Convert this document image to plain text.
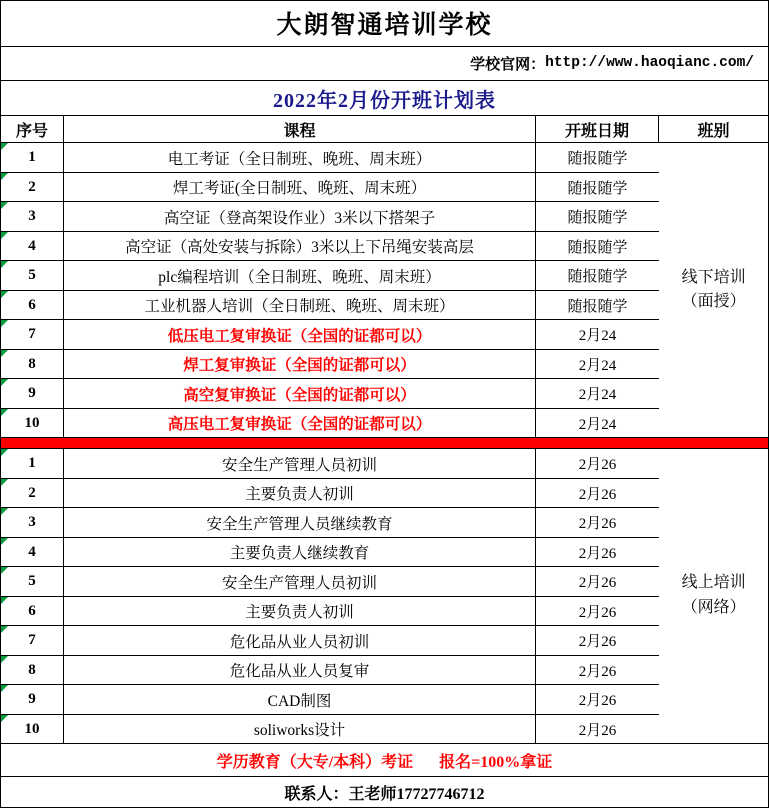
大朗智通培训学校
学校官网： http://www.haoqianc.com/
2022年2月份开班计划表
序号	课程	开班日期	班别
1	电工考证（全日制班、晚班、周末班）	随报随学
2	焊工考证(全日制班、晚班、周末班）	随报随学
3	高空证（登高架设作业）3米以下搭架子	随报随学
4	高空证（高处安装与拆除）3米以上下吊绳安装高层	随报随学
5	plc编程培训（全日制班、晚班、周末班）	随报随学
6	工业机器人培训（全日制班、晚班、周末班）	随报随学
7	低压电工复审换证（全国的证都可以）	2月24
8	焊工复审换证（全国的证都可以）	2月24
9	高空复审换证（全国的证都可以）	2月24
10	高压电工复审换证（全国的证都可以）	2月24
线下培训
（面授）
1	安全生产管理人员初训	2月26
2	主要负责人初训	2月26
3	安全生产管理人员继续教育	2月26
4	主要负责人继续教育	2月26
5	安全生产管理人员初训	2月26
6	主要负责人初训	2月26
7	危化品从业人员初训	2月26
8	危化品从业人员复审	2月26
9	CAD制图	2月26
10	soliworks设计	2月26
线上培训
（网络）
学历教育（大专/本科）考证 报名=100%拿证
联系人：王老师17727746712
